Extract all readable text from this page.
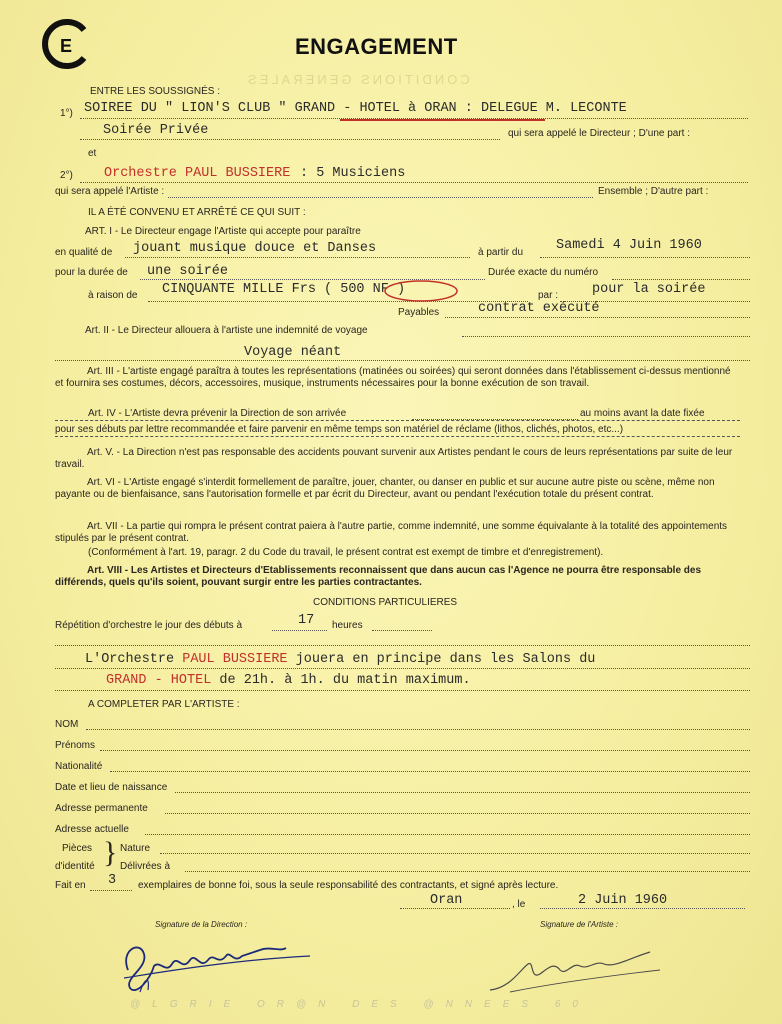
E	ENGAGEMENT
CONDITIONS GENERALES
ENTRE LES SOUSSIGNÉS :
1°) SOIREE DU " LION'S CLUB " GRAND - HOTEL à ORAN : DELEGUE M. LECONTE
Soirée Privée	qui sera appelé le Directeur ; D'une part :
et
2°) Orchestre PAUL BUSSIERE : 5 Musiciens
qui sera appelé l'Artiste :	Ensemble ; D'autre part :
IL A ÉTÉ CONVENU ET ARRÊTÉ CE QUI SUIT :
ART. I - Le Directeur engage l'Artiste qui accepte pour paraître
en qualité de jouant musique douce et Danses	à partir du Samedi 4 Juin 1960
pour la durée de une soirée	Durée exacte du numéro
à raison de CINQUANTE MILLE Frs ( 500 NF )	par :	pour la soirée
Payables	contrat exécuté
Art. II - Le Directeur allouera à l'artiste une indemnité de voyage
Voyage néant
Art. III - L'artiste engagé paraîtra à toutes les représentations (matinées ou soirées) qui seront données dans l'établissement ci-dessus mentionné et fournira ses costumes, décors, accessoires, musique, instruments nécessaires pour la bonne exécution de son travail.
Art. IV - L'Artiste devra prévenir la Direction de son arrivée	au moins avant la date fixée
pour ses débuts par lettre recommandée et faire parvenir en même temps son matériel de réclame (lithos, clichés, photos, etc...)
Art. V. - La Direction n'est pas responsable des accidents pouvant survenir aux Artistes pendant le cours de leurs représentations par suite de leur travail.
Art. VI - L'Artiste engagé s'interdit formellement de paraître, jouer, chanter, ou danser en public et sur aucune autre piste ou scène, même non payante ou de bienfaisance, sans l'autorisation formelle et par écrit du Directeur, avant ou pendant l'exécution totale du présent contrat.
Art. VII - La partie qui rompra le présent contrat paiera à l'autre partie, comme indemnité, une somme équivalante à la totalité des appointements stipulés par le présent contrat.
(Conformément à l'art. 19, paragr. 2 du Code du travail, le présent contrat est exempt de timbre et d'enregistrement).
Art. VIII - Les Artistes et Directeurs d'Etablissements reconnaissent que dans aucun cas l'Agence ne pourra être responsable des différends, quels qu'ils soient, pouvant surgir entre les parties contractantes.
CONDITIONS PARTICULIERES
Répétition d'orchestre le jour des débuts à	17 heures
L'Orchestre PAUL BUSSIERE jouera en principe dans les Salons du
GRAND - HOTEL de 21h. à 1h. du matin maximum.
A COMPLETER PAR L'ARTISTE :
NOM
Prénoms
Nationalité
Date et lieu de naissance
Adresse permanente
Adresse actuelle
Pièces
d'identité } Nature
Délivrées à
Fait en 3 exemplaires de bonne foi, sous la seule responsabilité des contractants, et signé après lecture.
Oran	, le	2 Juin 1960
Signature de la Direction :	Signature de l'Artiste :
@LGRIE OR@N DES @NNEES 60
